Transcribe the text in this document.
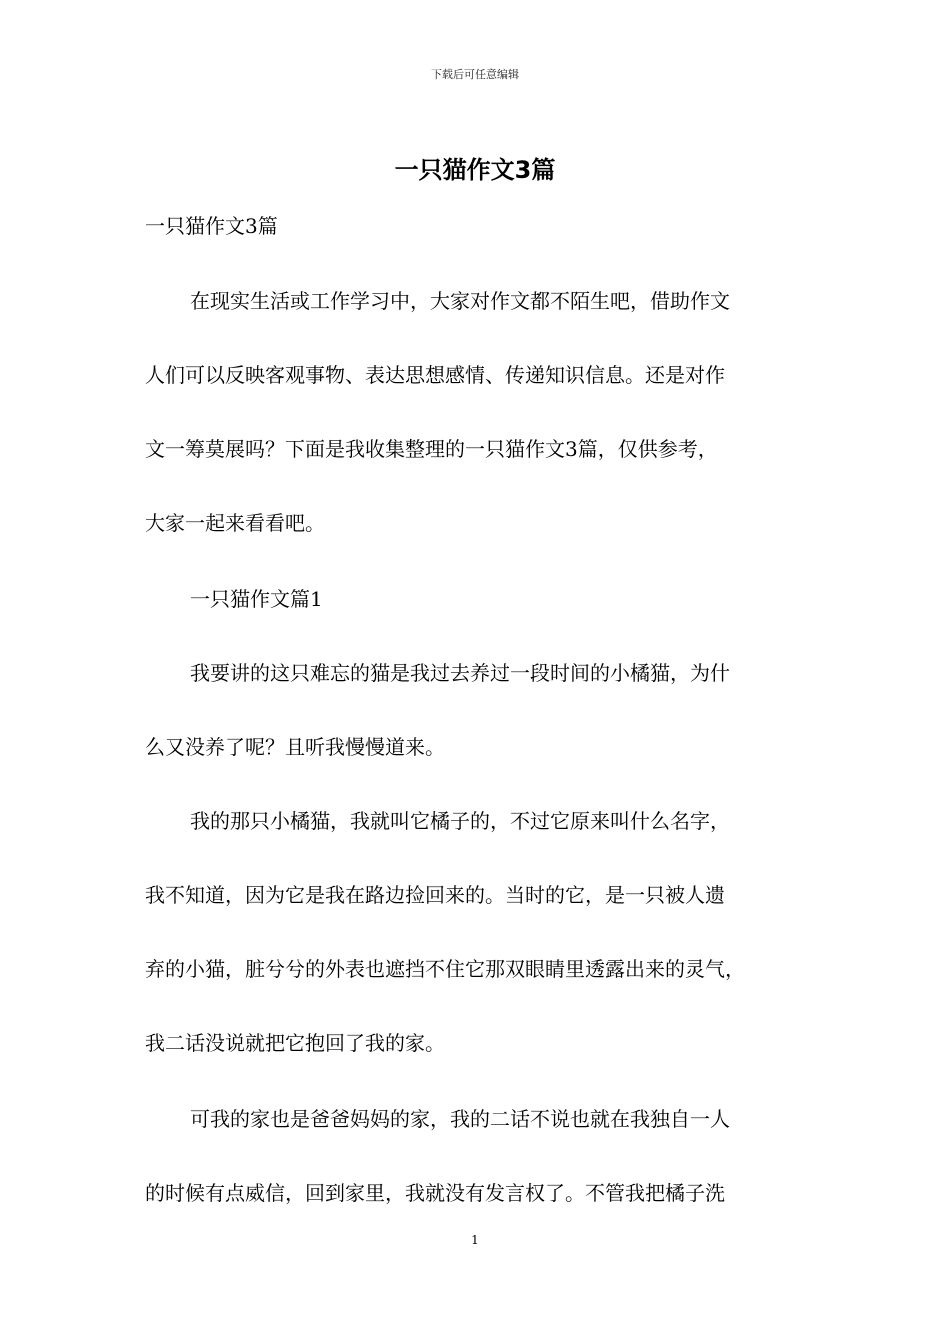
下载后可任意编辑
一只猫作文3篇
一只猫作文3篇
在现实生活或工作学习中，大家对作文都不陌生吧，借助作文
人们可以反映客观事物、表达思想感情、传递知识信息。还是对作
文一筹莫展吗？下面是我收集整理的一只猫作文3篇，仅供参考，
大家一起来看看吧。
一只猫作文篇1
我要讲的这只难忘的猫是我过去养过一段时间的小橘猫，为什
么又没养了呢？且听我慢慢道来。
我的那只小橘猫，我就叫它橘子的，不过它原来叫什么名字，
我不知道，因为它是我在路边捡回来的。当时的它，是一只被人遗
弃的小猫，脏兮兮的外表也遮挡不住它那双眼睛里透露出来的灵气，
我二话没说就把它抱回了我的家。
可我的家也是爸爸妈妈的家，我的二话不说也就在我独自一人
的时候有点威信，回到家里，我就没有发言权了。不管我把橘子洗
1
